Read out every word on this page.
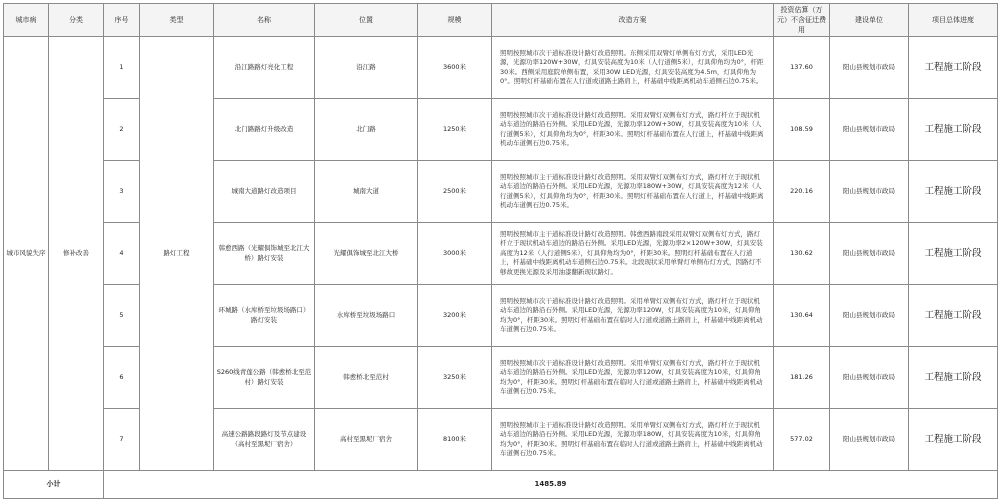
城市病	分类	序号	类型	名称	位置	规模	改造方案	投资估算（万元）不含征迁费用	建设单位	项目总体进度
城市风貌失序	修补改善	1	路灯工程	沿江路路灯亮化工程	沿江路	3600米	照明按照城市次干道标准设计路灯改造照明。东侧采用双臂灯单侧布灯方式，采用LED光源，光源功率120W+30W，灯具安装高度为10米（人行道侧5米），灯具仰角均为0°，杆距30米。西侧采用庭院单侧布置，采用30W LED光源，灯具安装高度为4.5m，灯具仰角为0°。照明灯杆基础布置在人行道或道路土路肩上，杆基础中线距离机动车道侧石边0.75米。	137.60	阳山县规划市政局	工程施工阶段
		2		北门路路灯升级改造	北门路	1250米	照明按照城市次干道标准设计路灯改造照明。采用双臂灯双侧布灯方式，路灯杆立于现状机动车道边的路沿石外侧。采用LED光源，光源功率120W+30W，灯具安装高度为10米（人行道侧5米），灯具仰角均为0°，杆距30米。照明灯杆基础布置在人行道上，杆基础中线距离机动车道侧石边0.75米。	108.59	阳山县规划市政局	工程施工阶段
		3		城南大道路灯改造项目	城南大道	2500米	照明按照城市主干道标准设计路灯改造照明。采用双臂灯双侧布灯方式，路灯杆立于现状机动车道边的路沿石外侧。采用LED光源，光源功率180W+30W，灯具安装高度为12米（人行道侧5米），灯具仰角均为0°，杆距30米。照明灯杆基础布置在人行道上，杆基础中线距离机动车道侧石边0.75米。	220.16	阳山县规划市政局	工程施工阶段
		4		韩愈西路（光耀俱饰城至北江大桥）路灯安装	光耀俱饰城至北江大桥	3000米	照明按照城市主干道标准设计路灯改造照明。韩愈西路南段采用双臂灯双侧布灯方式，路灯杆立于现状机动车道边的路沿石外侧。采用LED光源，光源功率2×120W+30W，灯具安装高度为12米（人行道侧5米），灯具仰角均为0°，杆距30米。照明灯杆基础布置在人行道上，杆基础中线距离机动车道侧石边0.75米。北段现状采用单臂灯单侧布灯方式，因路灯不够故更换光源及采用油漆翻新现状路灯。	130.62	阳山县规划市政局	工程施工阶段
		5		环城路（水库桥至垃圾场路口）路灯安装	水库桥至垃圾场路口	3200米	照明按照城市次干道标准设计路灯改造照明。采用单臂灯双侧布灯方式，路灯杆立于现状机动车道边的路沿石外侧。采用LED光源，光源功率120W，灯具安装高度为10米，灯具仰角均为0°，杆距30米。照明灯杆基础布置在临时人行道或道路土路肩上，杆基础中线距离机动车道侧石边0.75米。	130.64	阳山县规划市政局	工程施工阶段
		6		S260线青莲公路（韩愈桥北至范村）路灯安装	韩愈桥北至范村	3250米	照明按照城市次干道标准设计路灯改造照明。采用单臂灯双侧布灯方式，路灯杆立于现状机动车道边的路沿石外侧。采用LED光源，光源功率120W，灯具安装高度为10米，灯具仰角均为0°，杆距30米。照明灯杆基础布置在临时人行道或道路土路肩上，杆基础中线距离机动车道侧石边0.75米。	181.26	阳山县规划市政局	工程施工阶段
		7		高速公路路段路灯及节点建设（高村至黑坭厂宿舍）	高村至黑坭厂宿舍	8100米	照明按照城市主干道标准设计路灯改造照明。采用单臂灯双侧布灯方式，路灯杆立于现状机动车道边的路沿石外侧。采用LED光源，光源功率180W，灯具安装高度为10米，灯具仰角均为0°，杆距30米。照明灯杆基础布置在临时人行道或道路土路肩上，杆基础中线距离机动车道侧石边0.75米。	577.02	阳山县规划市政局	工程施工阶段
小计		1485.89								
